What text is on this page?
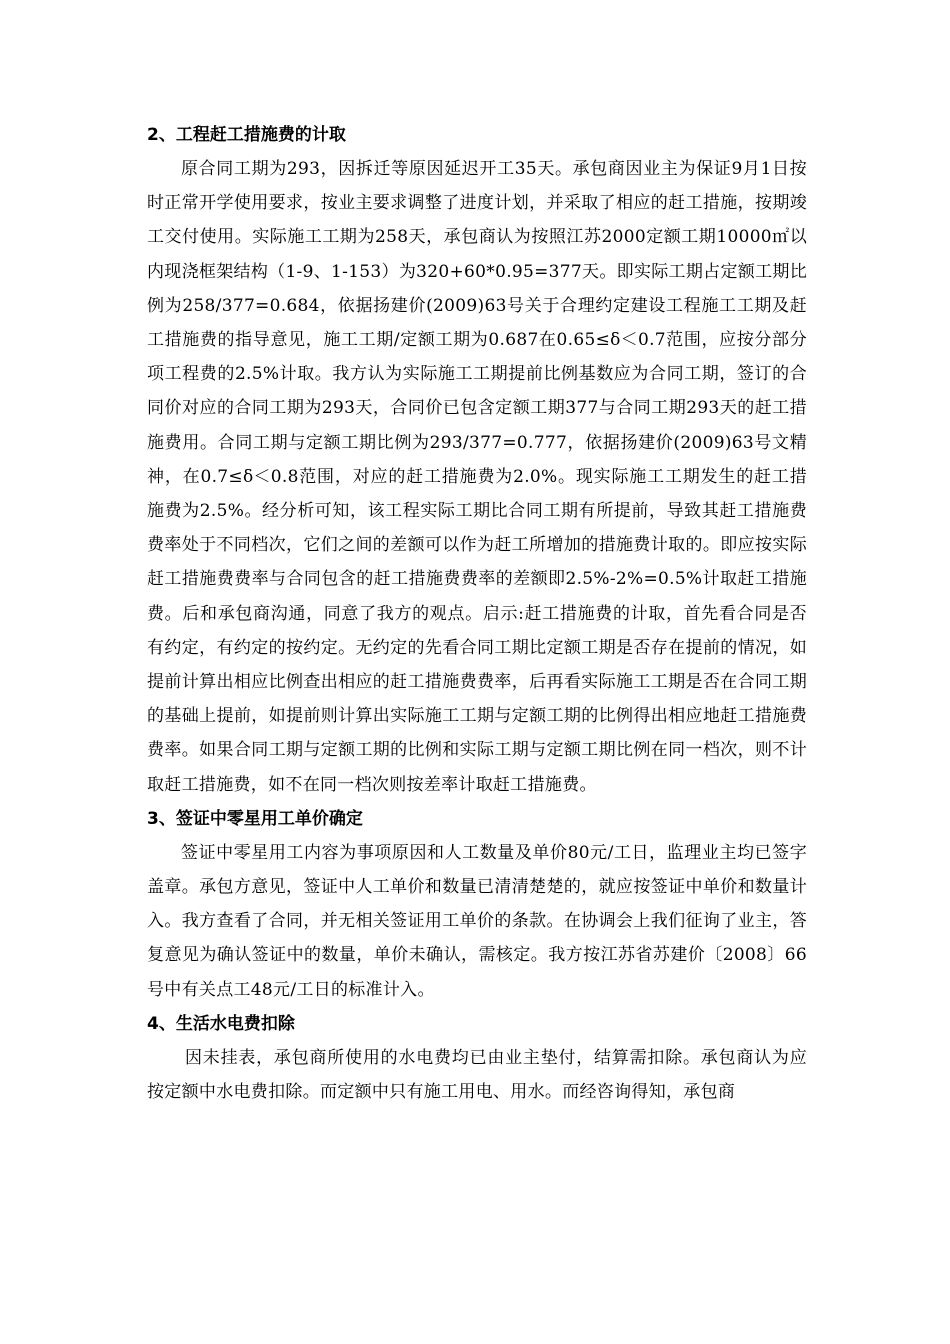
2、工程赶工措施费的计取

原合同工期为293，因拆迁等原因延迟开工35天。承包商因业主为保证9月1日按时正常开学使用要求，按业主要求调整了进度计划，并采取了相应的赶工措施，按期竣工交付使用。实际施工工期为258天，承包商认为按照江苏2000定额工期10000㎡以内现浇框架结构（1-9、1-153）为320+60*0.95=377天。即实际工期占定额工期比例为258/377=0.684，依据扬建价(2009)63号关于合理约定建设工程施工工期及赶工措施费的指导意见，施工工期/定额工期为0.687在0.65≤δ＜0.7范围，应按分部分项工程费的2.5%计取。我方认为实际施工工期提前比例基数应为合同工期，签订的合同价对应的合同工期为293天，合同价已包含定额工期377与合同工期293天的赶工措施费用。合同工期与定额工期比例为293/377=0.777，依据扬建价(2009)63号文精神，在0.7≤δ＜0.8范围，对应的赶工措施费为2.0%。现实际施工工期发生的赶工措施费为2.5%。经分析可知，该工程实际工期比合同工期有所提前，导致其赶工措施费费率处于不同档次，它们之间的差额可以作为赶工所增加的措施费计取的。即应按实际赶工措施费费率与合同包含的赶工措施费费率的差额即2.5%-2%=0.5%计取赶工措施费。后和承包商沟通，同意了我方的观点。启示:赶工措施费的计取，首先看合同是否有约定，有约定的按约定。无约定的先看合同工期比定额工期是否存在提前的情况，如提前计算出相应比例查出相应的赶工措施费费率，后再看实际施工工期是否在合同工期的基础上提前，如提前则计算出实际施工工期与定额工期的比例得出相应地赶工措施费费率。如果合同工期与定额工期的比例和实际工期与定额工期比例在同一档次，则不计取赶工措施费，如不在同一档次则按差率计取赶工措施费。

3、签证中零星用工单价确定

签证中零星用工内容为事项原因和人工数量及单价80元/工日，监理业主均已签字盖章。承包方意见，签证中人工单价和数量已清清楚楚的，就应按签证中单价和数量计入。我方查看了合同，并无相关签证用工单价的条款。在协调会上我们征询了业主，答复意见为确认签证中的数量，单价未确认，需核定。我方按江苏省苏建价〔2008〕66号中有关点工48元/工日的标准计入。

4、生活水电费扣除

因未挂表，承包商所使用的水电费均已由业主垫付，结算需扣除。承包商认为应按定额中水电费扣除。而定额中只有施工用电、用水。而经咨询得知，承包商
